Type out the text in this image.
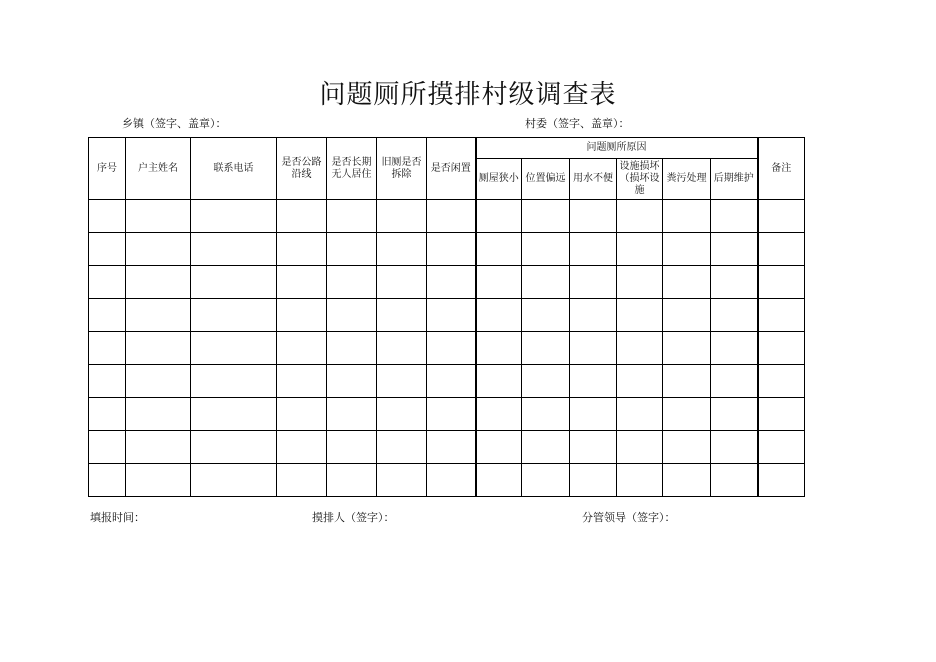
问题厕所摸排村级调查表
乡镇（签字、盖章）：	村委（签字、盖章）：
序号	户主姓名	联系电话	是否公路沿线	是否长期无人居住	旧厕是否拆除	是否闲置	问题厕所原因						备注

							厕屋狭小	位置偏远	用水不便	设施损坏（损坏设施	粪污处理	后期维护	

填报时间：	摸排人（签字）：	分管领导（签字）：
